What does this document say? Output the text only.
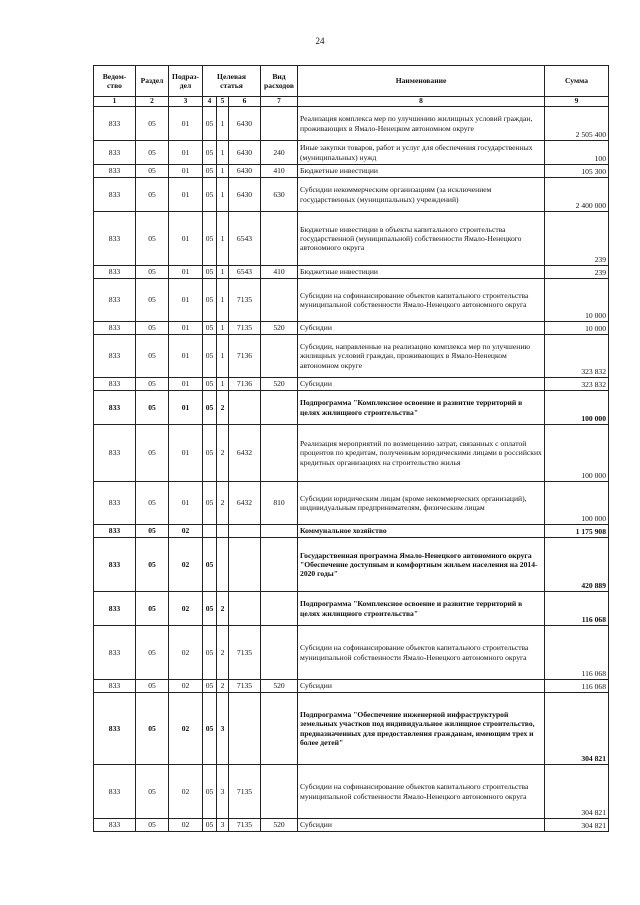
24
Ведом-ство	Раздел	Подраз-дел	Целевая статья			Вид расходов	Наименование	Сумма
1	2	3	4	5	6	7	8	9
833	05	01	05	1	6430		Реализация комплекса мер по улучшению жилищных условий граждан, проживающих в Ямало-Ненецком автономном округе	2 505 400
833	05	01	05	1	6430	240	Иные закупки товаров, работ и услуг для обеспечения государственных (муниципальных) нужд	100
833	05	01	05	1	6430	410	Бюджетные инвестиции	105 300
833	05	01	05	1	6430	630	Субсидии некоммерческим организациям (за исключением государственных (муниципальных) учреждений)	2 400 000
833	05	01	05	1	6543		Бюджетные инвестиции в объекты капитального строительства государственной (муниципальной) собственности Ямало-Ненецкого автономного округа	239
833	05	01	05	1	6543	410	Бюджетные инвестиции	239
833	05	01	05	1	7135		Субсидии на софинансирование объектов капитального строительства муниципальной собственности Ямало-Ненецкого автономного округа	10 000
833	05	01	05	1	7135	520	Субсидии	10 000
833	05	01	05	1	7136		Субсидии, направленные на реализацию комплекса мер по улучшению жилищных условий граждан, проживающих в Ямало-Ненецком автономном округе	323 832
833	05	01	05	1	7136	520	Субсидии	323 832
833	05	01	05	2			Подпрограмма "Комплексное освоение и развитие территорий в целях жилищного строительства"	100 000
833	05	01	05	2	6432		Реализация мероприятий по возмещению затрат, связанных с оплатой процентов по кредитам, полученным юридическими лицами в российских кредитных организациях на строительство жилья	100 000
833	05	01	05	2	6432	810	Субсидии юридическим лицам (кроме некоммерческих организаций), индивидуальным предпринимателям, физическим лицам	100 000
833	05	02					Коммунальное хозяйство	1 175 908
833	05	02	05				Государственная программа Ямало-Ненецкого автономного округа "Обеспечение доступным и комфортным жильем населения на 2014-2020 годы"	420 889
833	05	02	05	2			Подпрограмма "Комплексное освоение и развитие территорий в целях жилищного строительства"	116 068
833	05	02	05	2	7135		Субсидии на софинансирование объектов капитального строительства муниципальной собственности Ямало-Ненецкого автономного округа	116 068
833	05	02	05	2	7135	520	Субсидии	116 068
833	05	02	05	3			Подпрограмма "Обеспечение инженерной инфраструктурой земельных участков под индивидуальное жилищное строительство, предназначенных для предоставления гражданам, имеющим трех и более детей"	304 821
833	05	02	05	3	7135		Субсидии на софинансирование объектов капитального строительства муниципальной собственности Ямало-Ненецкого автономного округа	304 821
833	05	02	05	3	7135	520	Субсидии	304 821
